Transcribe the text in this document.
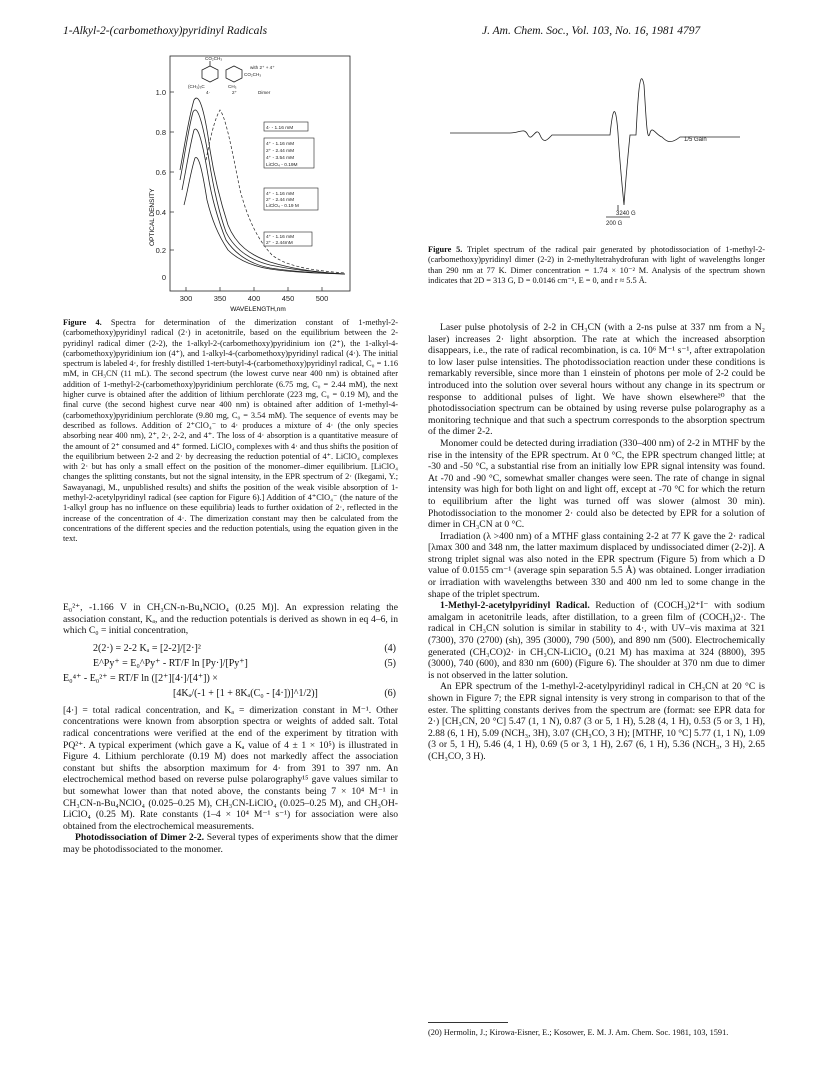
1-Alkyl-2-(carbomethoxy)pyridinyl Radicals	J. Am. Chem. Soc., Vol. 103, No. 16, 1981 4797
1.0
0.8
0.6
0.4
0.2
0
300	350	400	450	500
WAVELENGTH,nm
OPTICAL DENSITY
CO₂CH₃
with 2⁺ + 4⁺
CO₂CH₃
(CH₃)₃C	CH₃
4·	2⁺	Dimer
4· - 1.16 mM
4⁺ - 1.16 mM
2⁺ - 2.44 mM
4⁺ - 3.54 mM
LiClO₄ - 0.19M
4⁺ - 1.16 mM
2⁺ - 2.44 mM
LiClO₄ - 0.19 M
4⁺ - 1.16 mM
2⁺ - 2.44mM
Figure 4. Spectra for determination of the dimerization constant of 1-methyl-2-(carbomethoxy)pyridinyl radical (2·) in acetonitrile, based on the equilibrium between the 2-pyridinyl radical dimer (2-2), the 1-alkyl-2-(carbomethoxy)pyridinium ion (2⁺), the 1-alkyl-4-(carbomethoxy)pyridinium ion (4⁺), and 1-alkyl-4-(carbomethoxy)pyridinyl radical (4·). The initial spectrum is labeled 4·, for freshly distilled 1-tert-butyl-4-(carbomethoxy)pyridinyl radical, C₀ = 1.16 mM, in CH₃CN (11 mL). The second spectrum (the lowest curve near 400 nm) is obtained after addition of 1-methyl-2-(carbomethoxy)pyridinium perchlorate (6.75 mg, C₀ = 2.44 mM), the next higher curve is obtained after the addition of lithium perchlorate (223 mg, C₀ = 0.19 M), and the final curve (the second highest curve near 400 nm) is obtained after addition of 1-methyl-4-(carbomethoxy)pyridinium perchlorate (9.80 mg, C₀ = 3.54 mM). The sequence of events may be described as follows. Addition of 2⁺ClO₄⁻ to 4· produces a mixture of 4· (the only species absorbing near 400 nm), 2⁺, 2·, 2-2, and 4⁺. The loss of 4· absorption is a quantitative measure of the amount of 2⁺ consumed and 4⁺ formed. LiClO₄ complexes with 4· and thus shifts the position of the equilibrium between 2-2 and 2· by decreasing the reduction potential of 4⁺. LiClO₄ complexes with 2· but has only a small effect on the position of the monomer–dimer equilibrium. [LiClO₄ changes the splitting constants, but not the signal intensity, in the EPR spectrum of 2· (Ikegami, Y.; Sawayanagi, M., unpublished results) and shifts the position of the weak visible absorption of 1-methyl-2-acetylpyridinyl radical (see caption for Figure 6).] Addition of 4⁺ClO₄⁻ (the nature of the 1-alkyl group has no influence on these equilibria) leads to further oxidation of 2·, reflected in the increase of the concentration of 4·. The dimerization constant may then be calculated from the concentrations of the different species and the reduction potentials, using the equation given in the text.

E₀²⁺, -1.166 V in CH₃CN-n-Bu₄NClO₄ (0.25 M)]. An expression relating the association constant, Kₐ, and the reduction potentials is derived as shown in eq 4–6, in which C₀ = initial concentration,

2(2·) = 2-2 Kₐ = [2-2]/[2·]²	(4)
E^Py⁺ = E₀^Py⁺ - RT/F ln [Py·]/[Py⁺]	(5)
E₀⁴⁺ - E₀²⁺ = RT/F ln ([2⁺][4·]/[4⁺]) ×
[4Kₐ/(-1 + [1 + 8Kₐ(C₀ - [4·])]^1/2)]	(6)

[4·] = total radical concentration, and Kₐ = dimerization constant in M⁻¹. Other concentrations were known from absorption spectra or weights of added salt. Total radical concentrations were verified at the end of the experiment by titration with PQ²⁺. A typical experiment (which gave a Kₐ value of 4 ± 1 × 10⁵) is illustrated in Figure 4. Lithium perchlorate (0.19 M) does not markedly affect the association constant but shifts the absorption maximum for 4· from 391 to 397 nm. An electrochemical method based on reverse pulse polarography¹⁵ gave values similar to but somewhat lower than that noted above, the constants being 7 × 10⁴ M⁻¹ in CH₃CN-n-Bu₄NClO₄ (0.025–0.25 M), CH₃CN-LiClO₄ (0.025–0.25 M), and CH₃OH-LiClO₄ (0.25 M). Rate constants (1–4 × 10⁴ M⁻¹ s⁻¹) for association were also obtained from the electrochemical measurements.

Photodissociation of Dimer 2-2. Several types of experiments show that the dimer may be photodissociated to the monomer.

1/5 Gain
3240 G
200 G
Figure 5. Triplet spectrum of the radical pair generated by photodissociation of 1-methyl-2-(carbomethoxy)pyridinyl dimer (2-2) in 2-methyltetrahydrofuran with light of wavelengths longer than 290 nm at 77 K. Dimer concentration = 1.74 × 10⁻² M. Analysis of the spectrum shown indicates that 2D = 313 G, D = 0.0146 cm⁻¹, E = 0, and r ≈ 5.5 Å.

Laser pulse photolysis of 2-2 in CH₃CN (with a 2-ns pulse at 337 nm from a N₂ laser) increases 2· light absorption. The rate at which the increased absorption disappears, i.e., the rate of radical recombination, is ca. 10⁶ M⁻¹ s⁻¹, after extrapolation to low laser pulse intensities. The photodissociation reaction under these conditions is remarkably reversible, since more than 1 einstein of photons per mole of 2-2 could be introduced into the solution over several hours without any change in its spectrum or response to additional pulses of light. We have shown elsewhere²⁰ that the photodissociation spectrum can be obtained by using reverse pulse polarography as a monitoring technique and that such a spectrum corresponds to the absorption spectrum of the dimer 2-2.

Monomer could be detected during irradiation (330–400 nm) of 2-2 in MTHF by the rise in the intensity of the EPR spectrum. At 0 °C, the EPR spectrum changed little; at -30 and -50 °C, a substantial rise from an initially low EPR signal intensity was found. At -70 and -90 °C, somewhat smaller changes were seen. The rate of change in signal intensity was high for both light on and light off, except at -70 °C for which the return to equilibrium after the light was turned off was slower (almost 30 min). Photodissociation to the monomer 2· could also be detected by EPR for a solution of dimer in CH₃CN at 0 °C.

Irradiation (λ >400 nm) of a MTHF glass containing 2-2 at 77 K gave the 2· radical [λmax 300 and 348 nm, the latter maximum displaced by undissociated dimer (2-2)]. A strong triplet signal was also noted in the EPR spectrum (Figure 5) from which a D value of 0.0155 cm⁻¹ (average spin separation 5.5 Å) was obtained. Longer irradiation or irradiation with wavelengths between 330 and 400 nm led to some change in the shape of the triplet spectrum.

1-Methyl-2-acetylpyridinyl Radical. Reduction of (COCH₃)2⁺I⁻ with sodium amalgam in acetonitrile leads, after distillation, to a green film of (COCH₃)2·. The radical in CH₃CN solution is similar in stability to 4·, with UV–vis maxima at 321 (7300), 370 (2700) (sh), 395 (3000), 790 (500), and 890 nm (500). Electrochemically generated (CH₃CO)2· in CH₃CN-LiClO₄ (0.21 M) has maxima at 324 (8800), 395 (3000), 740 (600), and 830 nm (600) (Figure 6). The shoulder at 370 nm due to dimer is not observed in the latter solution.

An EPR spectrum of the 1-methyl-2-acetylpyridinyl radical in CH₃CN at 20 °C is shown in Figure 7; the EPR signal intensity is very strong in comparison to that of the ester. The splitting constants derives from the spectrum are (format: see EPR data for 2·) [CH₃CN, 20 °C] 5.47 (1, 1 N), 0.87 (3 or 5, 1 H), 5.28 (4, 1 H), 0.53 (5 or 3, 1 H), 2.88 (6, 1 H), 5.09 (NCH₃, 3H), 3.07 (CH₃CO, 3 H); [MTHF, 10 °C] 5.77 (1, 1 N), 1.09 (3 or 5, 1 H), 5.46 (4, 1 H), 0.69 (5 or 3, 1 H), 2.67 (6, 1 H), 5.36 (NCH₃, 3 H), 2.65 (CH₃CO, 3 H).

(20) Hermolin, J.; Kirowa-Eisner, E.; Kosower, E. M. J. Am. Chem. Soc. 1981, 103, 1591.
